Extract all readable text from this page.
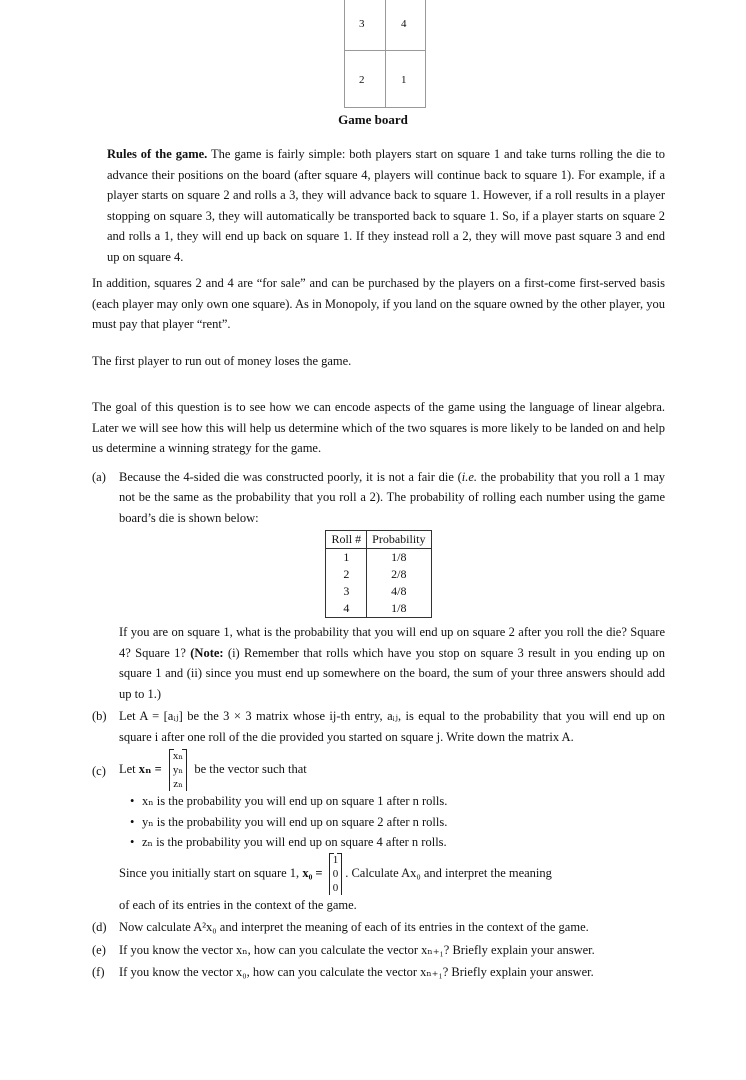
3	4
2	1
Game board
Rules of the game. The game is fairly simple: both players start on square 1 and take turns rolling the die to advance their positions on the board (after square 4, players will continue back to square 1). For example, if a player starts on square 2 and rolls a 3, they will advance back to square 1. However, if a roll results in a player stopping on square 3, they will automatically be transported back to square 1. So, if a player starts on square 2 and rolls a 1, they will end up back on square 1. If they instead roll a 2, they will move past square 3 and end up on square 4.
In addition, squares 2 and 4 are “for sale” and can be purchased by the players on a first-come first-served basis (each player may only own one square). As in Monopoly, if you land on the square owned by the other player, you must pay that player “rent”.
The first player to run out of money loses the game.
The goal of this question is to see how we can encode aspects of the game using the language of linear algebra. Later we will see how this will help us determine which of the two squares is more likely to be landed on and help us determine a winning strategy for the game.
(a) Because the 4-sided die was constructed poorly, it is not a fair die (i.e. the probability that you roll a 1 may not be the same as the probability that you roll a 2). The probability of rolling each number using the game board’s die is shown below:
Roll #	Probability
1	1/8
2	2/8
3	4/8
4	1/8
If you are on square 1, what is the probability that you will end up on square 2 after you roll the die? Square 4? Square 1? (Note: (i) Remember that rolls which have you stop on square 3 result in you ending up on square 1 and (ii) since you must end up somewhere on the board, the sum of your three answers should add up to 1.)
(b) Let A = [aᵢⱼ] be the 3 × 3 matrix whose ij-th entry, aᵢⱼ, is equal to the probability that you will end up on square i after one roll of the die provided you started on square j. Write down the matrix A.
(c) Let xₙ =
xₙ
yₙ
zₙ
be the vector such that
• xₙ is the probability you will end up on square 1 after n rolls.
• yₙ is the probability you will end up on square 2 after n rolls.
• zₙ is the probability you will end up on square 4 after n rolls.
Since you initially start on square 1, x₀ =
1
0
0
. Calculate Ax₀ and interpret the meaning
of each of its entries in the context of the game.
(d) Now calculate A²x₀ and interpret the meaning of each of its entries in the context of the game.
(e) If you know the vector xₙ, how can you calculate the vector xₙ₊₁? Briefly explain your answer.
(f) If you know the vector x₀, how can you calculate the vector xₙ₊₁? Briefly explain your answer.
